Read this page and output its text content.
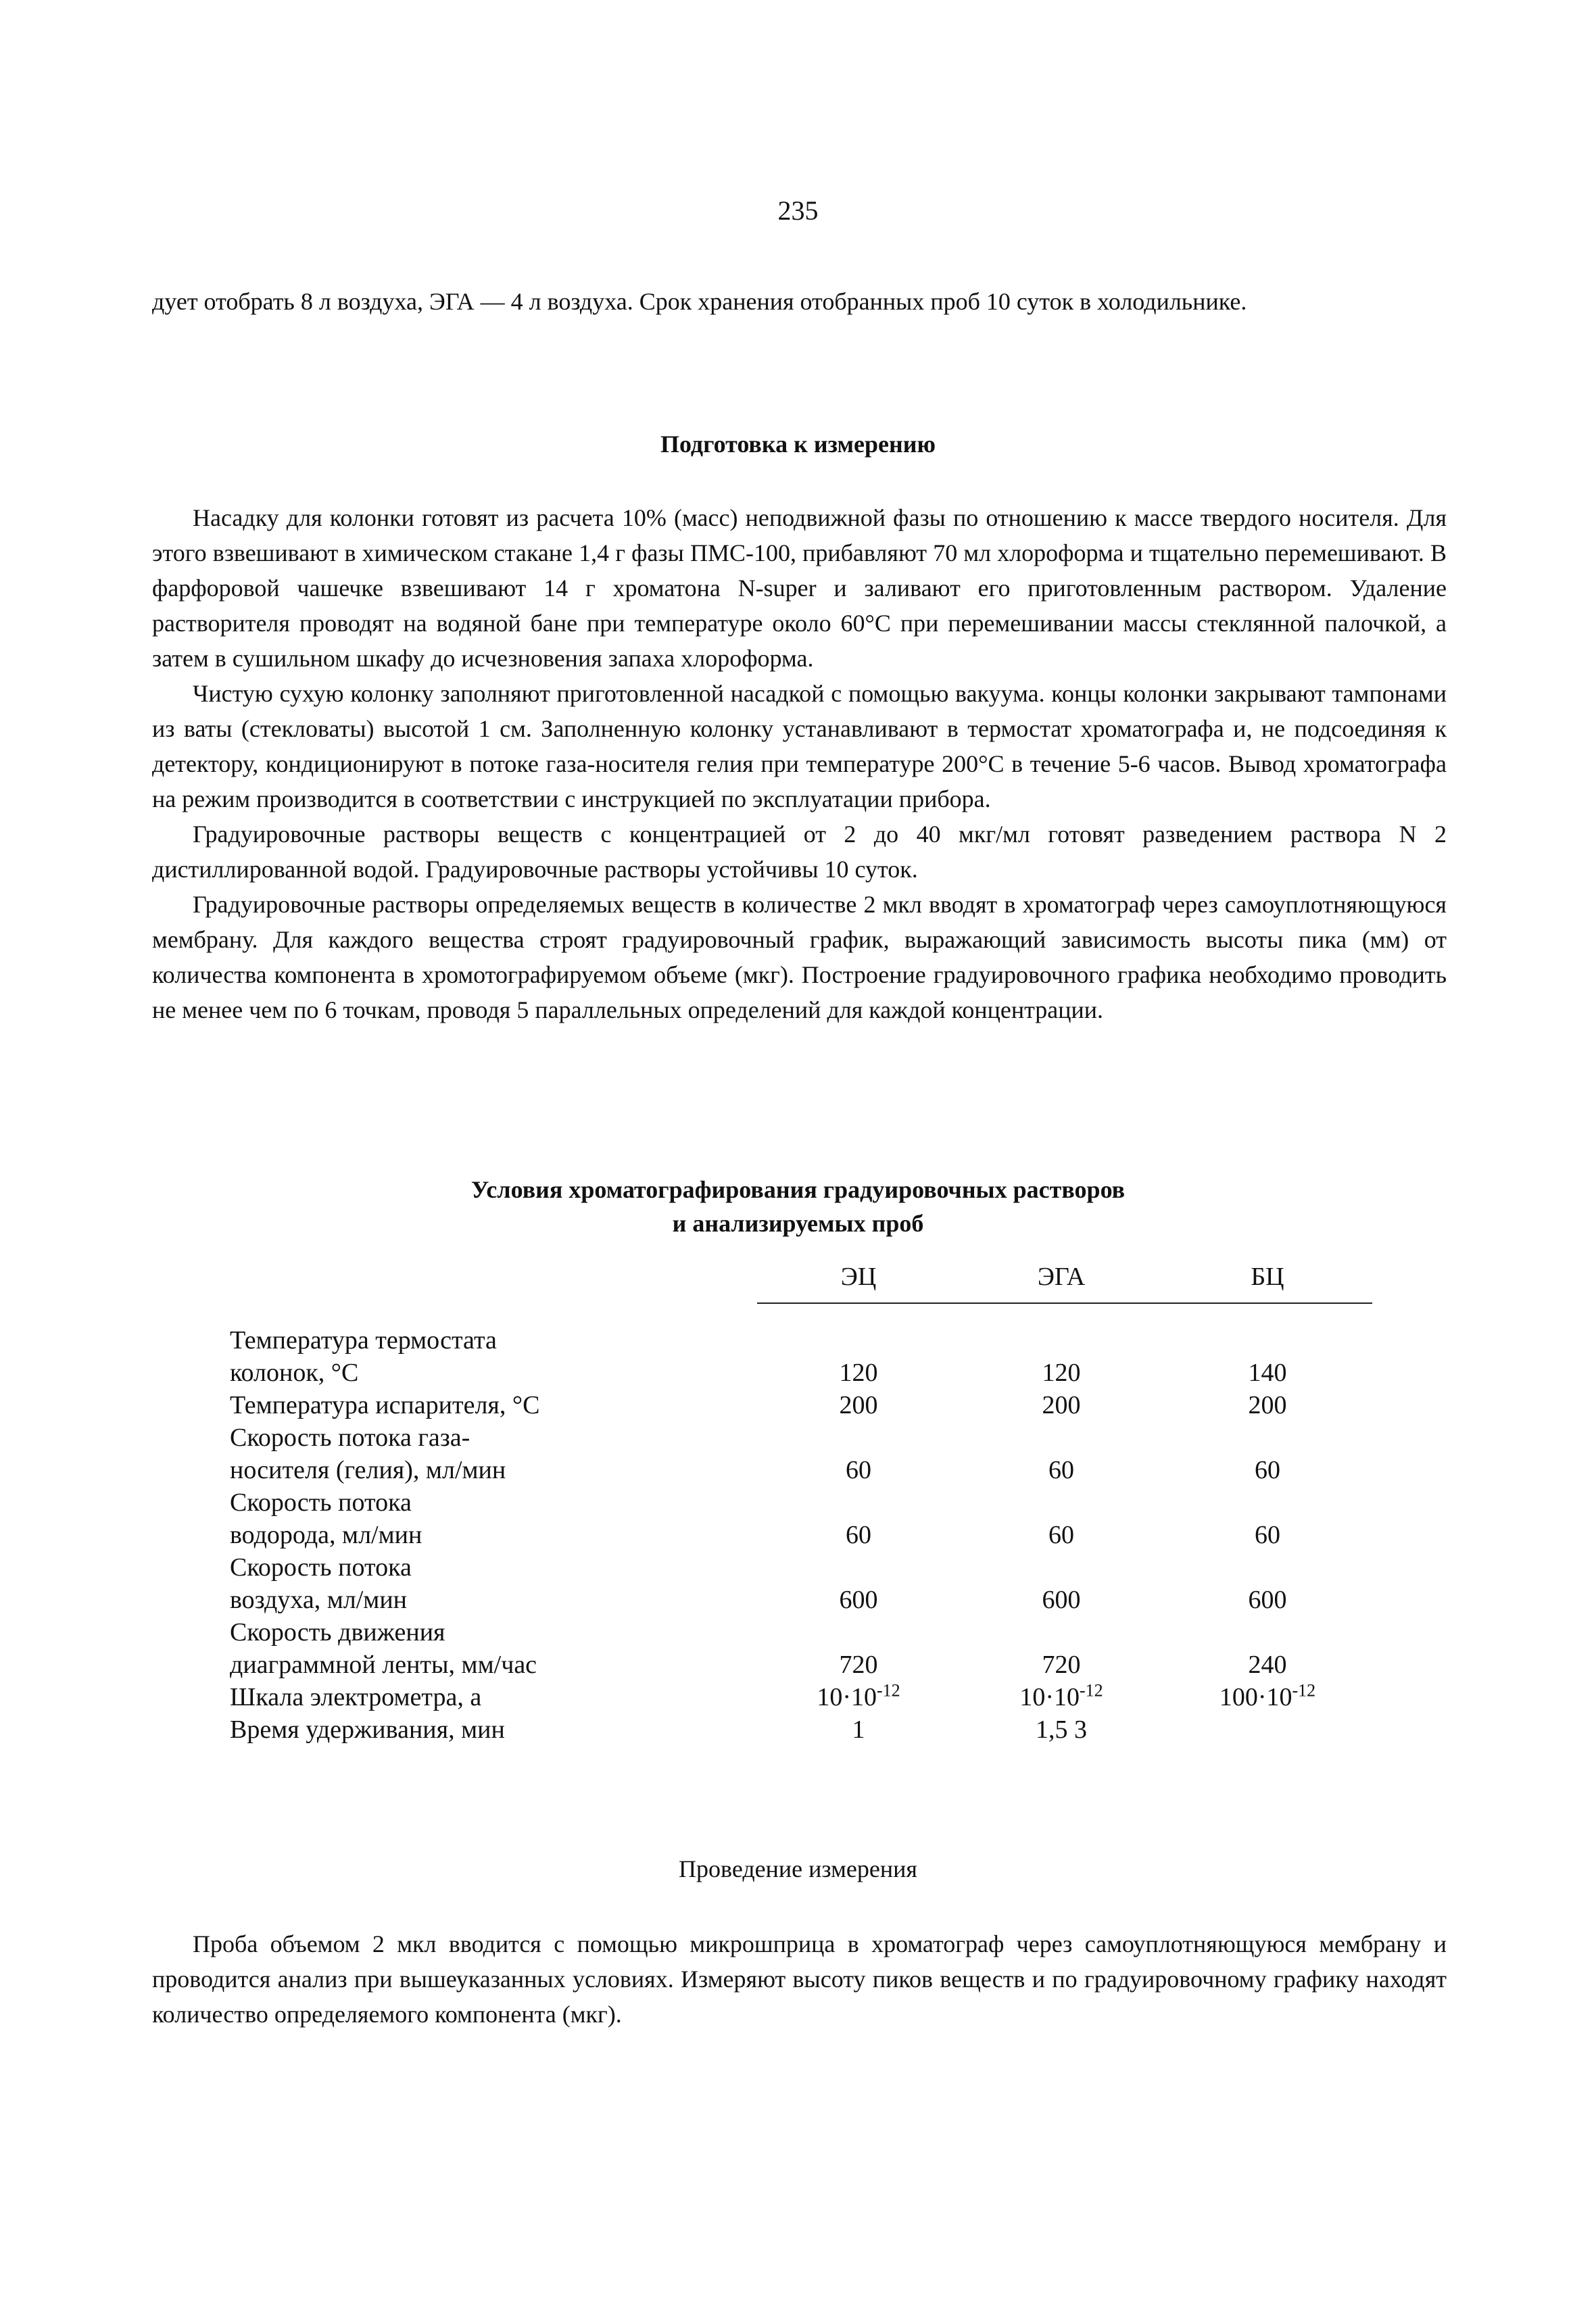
235

дует отобрать 8 л воздуха, ЭГА — 4 л воздуха. Срок хранения отобранных проб 10 суток в холодильнике.

Подготовка к измерению

Насадку для колонки готовят из расчета 10% (масс) неподвижной фазы по отношению к массе твердого носителя. Для этого взвешивают в химическом стакане 1,4 г фазы ПМС-100, прибавляют 70 мл хлороформа и тщательно перемешивают. В фарфоровой чашечке взвешивают 14 г хроматона N-super и заливают его приготовленным раствором. Удаление растворителя проводят на водяной бане при температуре около 60°С при перемешивании массы стеклянной палочкой, а затем в сушильном шкафу до исчезновения запаха хлороформа.

Чистую сухую колонку заполняют приготовленной насадкой с помощью вакуума. концы колонки закрывают тампонами из ваты (стекловаты) высотой 1 см. Заполненную колонку устанавливают в термостат хроматографа и, не подсоединяя к детектору, кондиционируют в потоке газа-носителя гелия при температуре 200°С в течение 5-6 часов. Вывод хроматографа на режим производится в соответствии с инструкцией по эксплуатации прибора.

Градуировочные растворы веществ с концентрацией от 2 до 40 мкг/мл готовят разведением раствора N 2 дистиллированной водой. Градуировочные растворы устойчивы 10 суток.

Градуировочные растворы определяемых веществ в количестве 2 мкл вводят в хроматограф через самоуплотняющуюся мембрану. Для каждого вещества строят градуировочный график, выражающий зависимость высоты пика (мм) от количества компонента в хромотографируемом объеме (мкг). Построение градуировочного графика необходимо проводить не менее чем по 6 точкам, проводя 5 параллельных определений для каждой концентрации.

Условия хроматографирования градуировочных растворов
и анализируемых проб
	ЭЦ	ЭГА	БЦ

Температура термостата
колонок, °С	120	120	140

Температура испарителя, °С	200	200	200

Скорость потока газа-
носителя (гелия), мл/мин	60	60	60

Скорость потока
водорода, мл/мин	60	60	60

Скорость потока
воздуха, мл/мин	600	600	600

Скорость движения
диаграммной ленты, мм/час	720	720	240

Шкала электрометра, а	$10\cdot 10^{-12}$	$10\cdot 10^{-12}$	$100\cdot 10^{-12}$

Время удерживания, мин	1	1,5 3	
Проведение измерения

Проба объемом 2 мкл вводится с помощью микрошприца в хроматограф через самоуплотняющуюся мембрану и проводится анализ при вышеуказанных условиях. Измеряют высоту пиков веществ и по градуировочному графику находят количество определяемого компонента (мкг).
